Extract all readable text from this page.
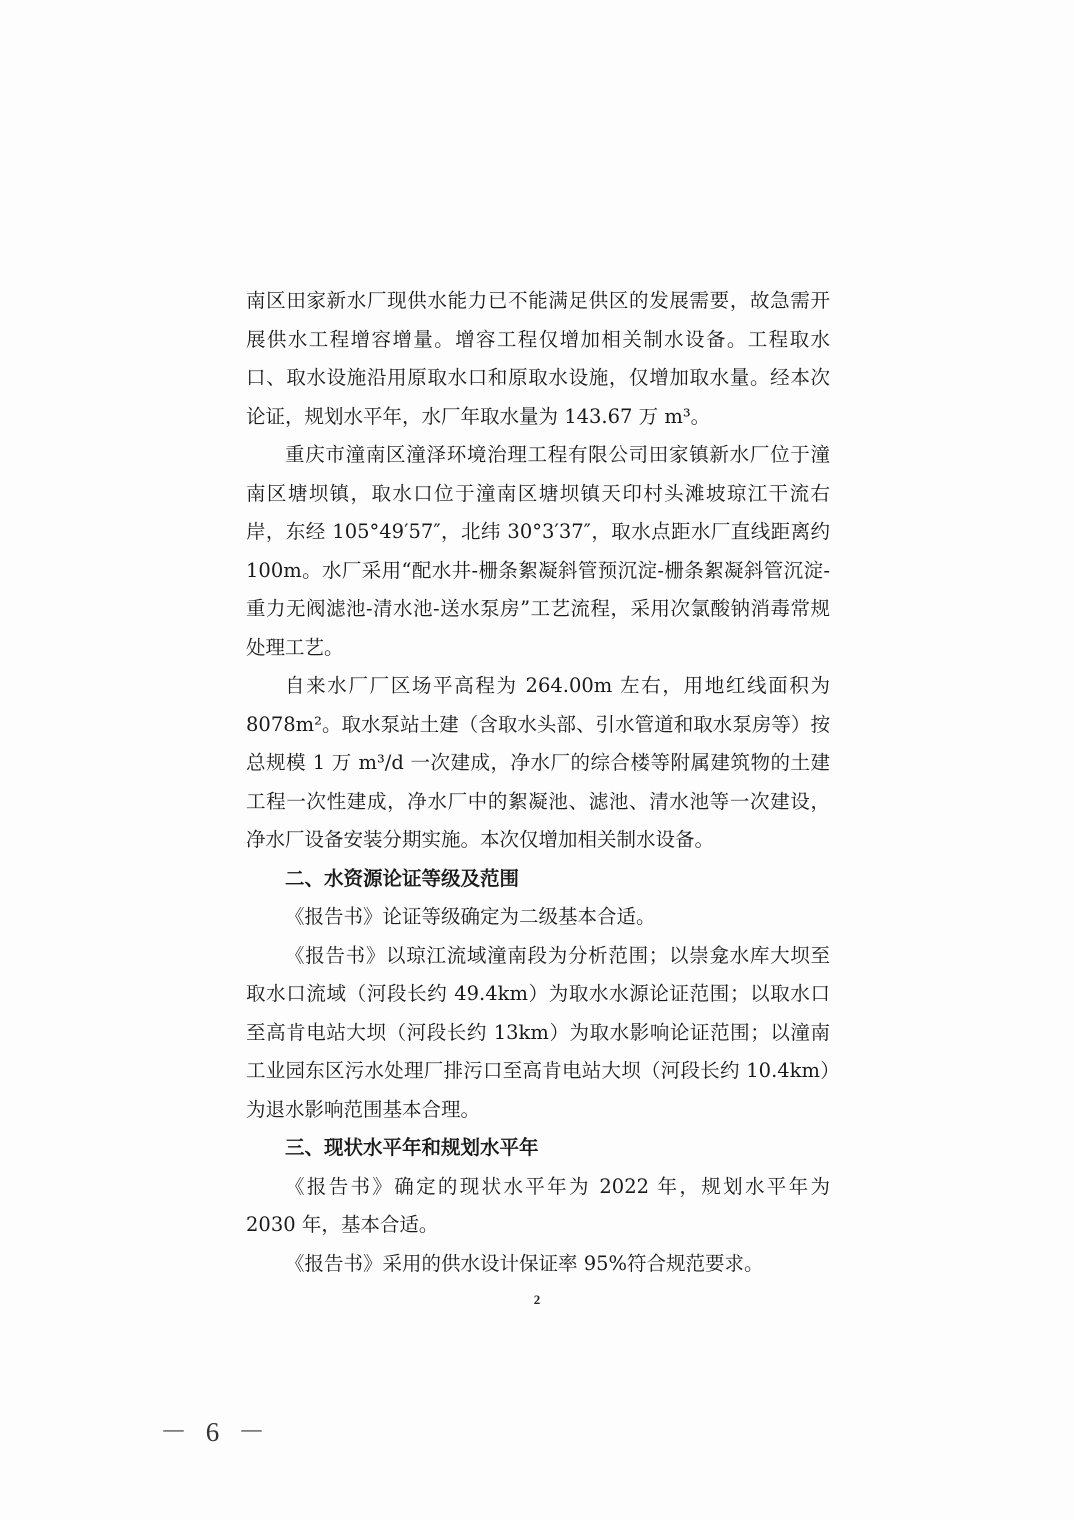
南区田家新水厂现供水能力已不能满足供区的发展需要，故急需开展供水工程增容增量。增容工程仅增加相关制水设备。工程取水口、取水设施沿用原取水口和原取水设施，仅增加取水量。经本次论证，规划水平年，水厂年取水量为 143.67 万 m³。

重庆市潼南区潼泽环境治理工程有限公司田家镇新水厂位于潼南区塘坝镇，取水口位于潼南区塘坝镇天印村头滩坡琼江干流右岸，东经 105°49′57″，北纬 30°3′37″，取水点距水厂直线距离约 100m。水厂采用“配水井-栅条絮凝斜管预沉淀-栅条絮凝斜管沉淀-重力无阀滤池-清水池-送水泵房”工艺流程，采用次氯酸钠消毒常规处理工艺。

自来水厂厂区场平高程为 264.00m 左右，用地红线面积为 8078m²。取水泵站土建（含取水头部、引水管道和取水泵房等）按总规模 1 万 m³/d 一次建成，净水厂的综合楼等附属建筑物的土建工程一次性建成，净水厂中的絮凝池、滤池、清水池等一次建设，净水厂设备安装分期实施。本次仅增加相关制水设备。

二、水资源论证等级及范围

《报告书》论证等级确定为二级基本合适。

《报告书》以琼江流域潼南段为分析范围；以崇龛水库大坝至取水口流域（河段长约 49.4km）为取水水源论证范围；以取水口至高肯电站大坝（河段长约 13km）为取水影响论证范围；以潼南工业园东区污水处理厂排污口至高肯电站大坝（河段长约 10.4km）为退水影响范围基本合理。

三、现状水平年和规划水平年

《报告书》确定的现状水平年为 2022 年，规划水平年为 2030 年，基本合适。

《报告书》采用的供水设计保证率 95%符合规范要求。

2
－ 6 －
